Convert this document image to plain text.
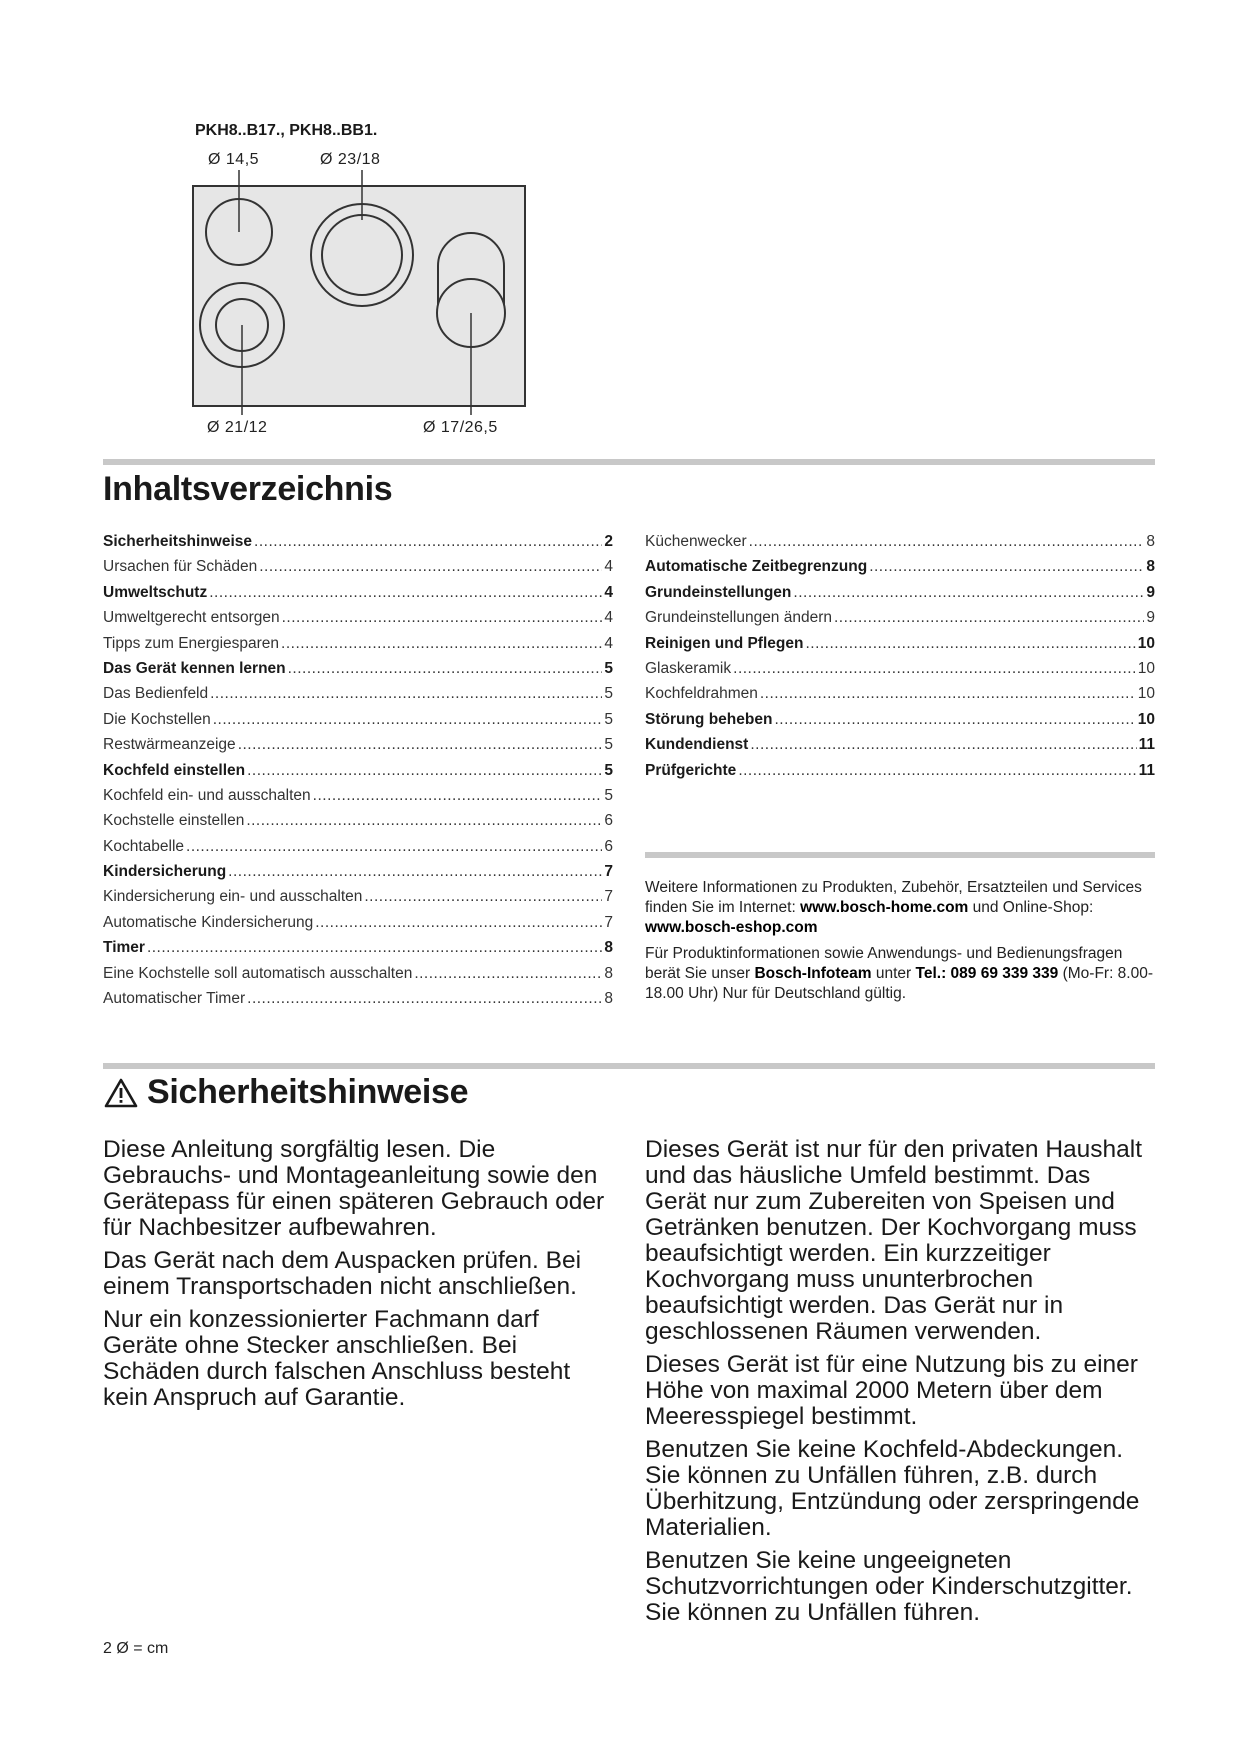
PKH8..B17., PKH8..BB1.
Ø 14,5	Ø 23/18
Ø 21/12	Ø 17/26,5
Inhaltsverzeichnis
Sicherheitshinweise .....	2
Ursachen für Schäden .....	4
Umweltschutz .....	4
Umweltgerecht entsorgen .....	4
Tipps zum Energiesparen .....	4
Das Gerät kennen lernen .....	5
Das Bedienfeld .....	5
Die Kochstellen .....	5
Restwärmeanzeige .....	5
Kochfeld einstellen .....	5
Kochfeld ein- und ausschalten .....	5
Kochstelle einstellen .....	6
Kochtabelle .....	6
Kindersicherung .....	7
Kindersicherung ein- und ausschalten .....	7
Automatische Kindersicherung .....	7
Timer .....	8
Eine Kochstelle soll automatisch ausschalten .....	8
Automatischer Timer .....	8
Küchenwecker .....	8
Automatische Zeitbegrenzung .....	8
Grundeinstellungen .....	9
Grundeinstellungen ändern .....	9
Reinigen und Pflegen .....	10
Glaskeramik .....	10
Kochfeldrahmen .....	10
Störung beheben .....	10
Kundendienst .....	11
Prüfgerichte .....	11
Weitere Informationen zu Produkten, Zubehör, Ersatzteilen und Services finden Sie im Internet: www.bosch-home.com und Online-Shop: www.bosch-eshop.com
Für Produktinformationen sowie Anwendungs- und Bedienungsfragen berät Sie unser Bosch-Infoteam unter Tel.: 089 69 339 339 (Mo-Fr: 8.00-18.00 Uhr) Nur für Deutschland gültig.
Sicherheitshinweise

Diese Anleitung sorgfältig lesen. Die Gebrauchs- und Montageanleitung sowie den Gerätepass für einen späteren Gebrauch oder für Nachbesitzer aufbewahren.

Das Gerät nach dem Auspacken prüfen. Bei einem Transportschaden nicht anschließen.

Nur ein konzessionierter Fachmann darf Geräte ohne Stecker anschließen. Bei Schäden durch falschen Anschluss besteht kein Anspruch auf Garantie.

Dieses Gerät ist nur für den privaten Haushalt und das häusliche Umfeld bestimmt. Das Gerät nur zum Zubereiten von Speisen und Getränken benutzen. Der Kochvorgang muss beaufsichtigt werden. Ein kurzzeitiger Kochvorgang muss ununterbrochen beaufsichtigt werden. Das Gerät nur in geschlossenen Räumen verwenden.

Dieses Gerät ist für eine Nutzung bis zu einer Höhe von maximal 2000 Metern über dem Meeresspiegel bestimmt.

Benutzen Sie keine Kochfeld-Abdeckungen. Sie können zu Unfällen führen, z.B. durch Überhitzung, Entzündung oder zerspringende Materialien.

Benutzen Sie keine ungeeigneten Schutzvorrichtungen oder Kinderschutzgitter. Sie können zu Unfällen führen.

2 Ø = cm
